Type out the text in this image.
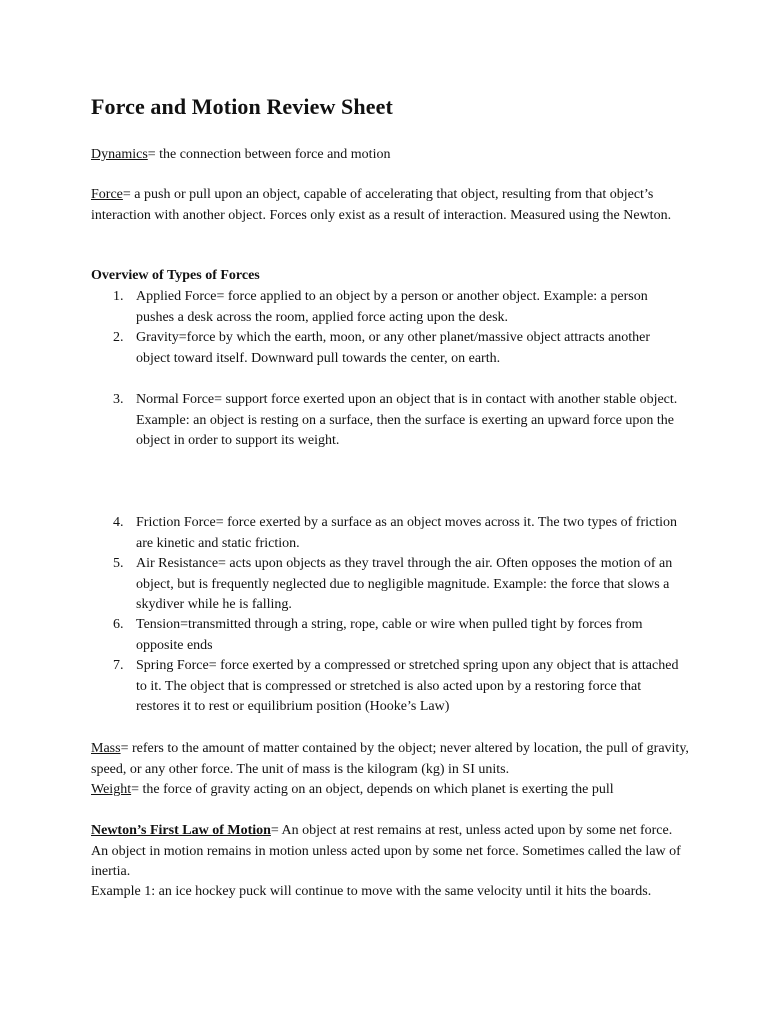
Force and Motion Review Sheet
Dynamics= the connection between force and motion
Force= a push or pull upon an object, capable of accelerating that object, resulting from that object’s interaction with another object. Forces only exist as a result of interaction. Measured using the Newton.
Overview of Types of Forces
1. Applied Force= force applied to an object by a person or another object. Example: a person pushes a desk across the room, applied force acting upon the desk.
2. Gravity=force by which the earth, moon, or any other planet/massive object attracts another object toward itself. Downward pull towards the center, on earth.
3. Normal Force= support force exerted upon an object that is in contact with another stable object.
Example: an object is resting on a surface, then the surface is exerting an upward force upon the object in order to support its weight.
4. Friction Force= force exerted by a surface as an object moves across it. The two types of friction are kinetic and static friction.
5. Air Resistance= acts upon objects as they travel through the air. Often opposes the motion of an object, but is frequently neglected due to negligible magnitude. Example: the force that slows a skydiver while he is falling.
6. Tension=transmitted through a string, rope, cable or wire when pulled tight by forces from opposite ends
7. Spring Force= force exerted by a compressed or stretched spring upon any object that is attached to it. The object that is compressed or stretched is also acted upon by a restoring force that restores it to rest or equilibrium position (Hooke’s Law)
Mass= refers to the amount of matter contained by the object; never altered by location, the pull of gravity, speed, or any other force. The unit of mass is the kilogram (kg) in SI units.
Weight= the force of gravity acting on an object, depends on which planet is exerting the pull
Newton’s First Law of Motion= An object at rest remains at rest, unless acted upon by some net force. An object in motion remains in motion unless acted upon by some net force. Sometimes called the law of inertia.
Example 1: an ice hockey puck will continue to move with the same velocity until it hits the boards.
